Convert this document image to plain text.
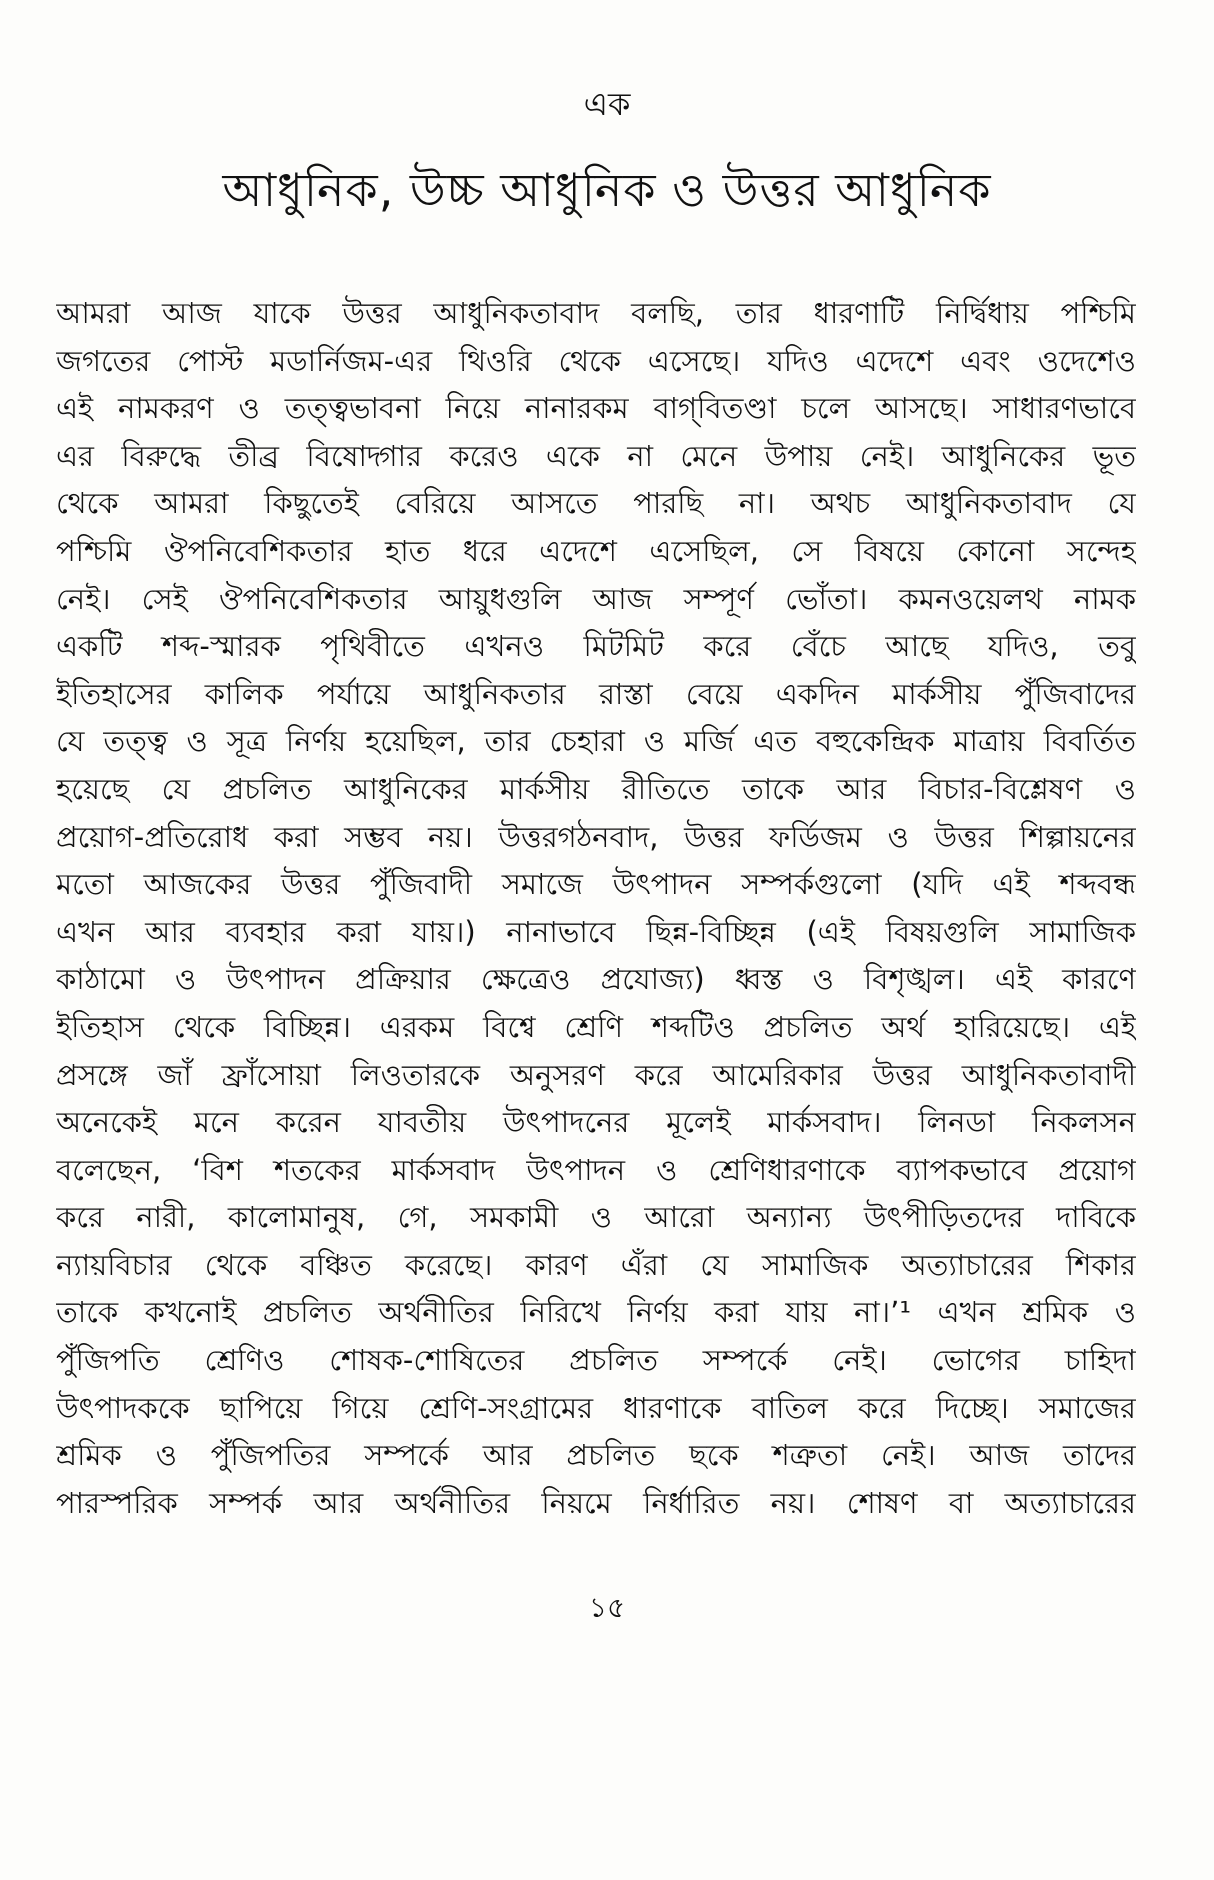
এক
আধুনিক, উচ্চ আধুনিক ও উত্তর আধুনিক
আমরা আজ যাকে উত্তর আধুনিকতাবাদ বলছি, তার ধারণাটি নির্দ্বিধায় পশ্চিমি
জগতের পোস্ট মডার্নিজম-এর থিওরি থেকে এসেছে। যদিও এদেশে এবং ওদেশেও
এই নামকরণ ও তত্ত্বভাবনা নিয়ে নানারকম বাগ্‌বিতণ্ডা চলে আসছে। সাধারণভাবে
এর বিরুদ্ধে তীব্র বিষোদ্গার করেও একে না মেনে উপায় নেই। আধুনিকের ভূত
থেকে আমরা কিছুতেই বেরিয়ে আসতে পারছি না। অথচ আধুনিকতাবাদ যে
পশ্চিমি ঔপনিবেশিকতার হাত ধরে এদেশে এসেছিল, সে বিষয়ে কোনো সন্দেহ
নেই। সেই ঔপনিবেশিকতার আয়ুধগুলি আজ সম্পূর্ণ ভোঁতা। কমনওয়েলথ নামক
একটি শব্দ-স্মারক পৃথিবীতে এখনও মিটমিট করে বেঁচে আছে যদিও, তবু
ইতিহাসের কালিক পর্যায়ে আধুনিকতার রাস্তা বেয়ে একদিন মার্কসীয় পুঁজিবাদের
যে তত্ত্ব ও সূত্র নির্ণয় হয়েছিল, তার চেহারা ও মর্জি এত বহুকেন্দ্রিক মাত্রায় বিবর্তিত
হয়েছে যে প্রচলিত আধুনিকের মার্কসীয় রীতিতে তাকে আর বিচার-বিশ্লেষণ ও
প্রয়োগ-প্রতিরোধ করা সম্ভব নয়। উত্তরগঠনবাদ, উত্তর ফর্ডিজম ও উত্তর শিল্পায়নের
মতো আজকের উত্তর পুঁজিবাদী সমাজে উৎপাদন সম্পর্কগুলো (যদি এই শব্দবন্ধ
এখন আর ব্যবহার করা যায়।) নানাভাবে ছিন্ন-বিচ্ছিন্ন (এই বিষয়গুলি সামাজিক
কাঠামো ও উৎপাদন প্রক্রিয়ার ক্ষেত্রেও প্রযোজ্য) ধ্বস্ত ও বিশৃঙ্খল। এই কারণে
ইতিহাস থেকে বিচ্ছিন্ন। এরকম বিশ্বে শ্রেণি শব্দটিও প্রচলিত অর্থ হারিয়েছে। এই
প্রসঙ্গে জাঁ ফ্রাঁসোয়া লিওতারকে অনুসরণ করে আমেরিকার উত্তর আধুনিকতাবাদী
অনেকেই মনে করেন যাবতীয় উৎপাদনের মূলেই মার্কসবাদ। লিনডা নিকলসন
বলেছেন, ‘বিশ শতকের মার্কসবাদ উৎপাদন ও শ্রেণিধারণাকে ব্যাপকভাবে প্রয়োগ
করে নারী, কালোমানুষ, গে, সমকামী ও আরো অন্যান্য উৎপীড়িতদের দাবিকে
ন্যায়বিচার থেকে বঞ্চিত করেছে। কারণ এঁরা যে সামাজিক অত্যাচারের শিকার
তাকে কখনোই প্রচলিত অর্থনীতির নিরিখে নির্ণয় করা যায় না।’¹ এখন শ্রমিক ও
পুঁজিপতি শ্রেণিও শোষক-শোষিতের প্রচলিত সম্পর্কে নেই। ভোগের চাহিদা
উৎপাদককে ছাপিয়ে গিয়ে শ্রেণি-সংগ্রামের ধারণাকে বাতিল করে দিচ্ছে। সমাজের
শ্রমিক ও পুঁজিপতির সম্পর্কে আর প্রচলিত ছকে শত্রুতা নেই। আজ তাদের
পারস্পরিক সম্পর্ক আর অর্থনীতির নিয়মে নির্ধারিত নয়। শোষণ বা অত্যাচারের
১৫
